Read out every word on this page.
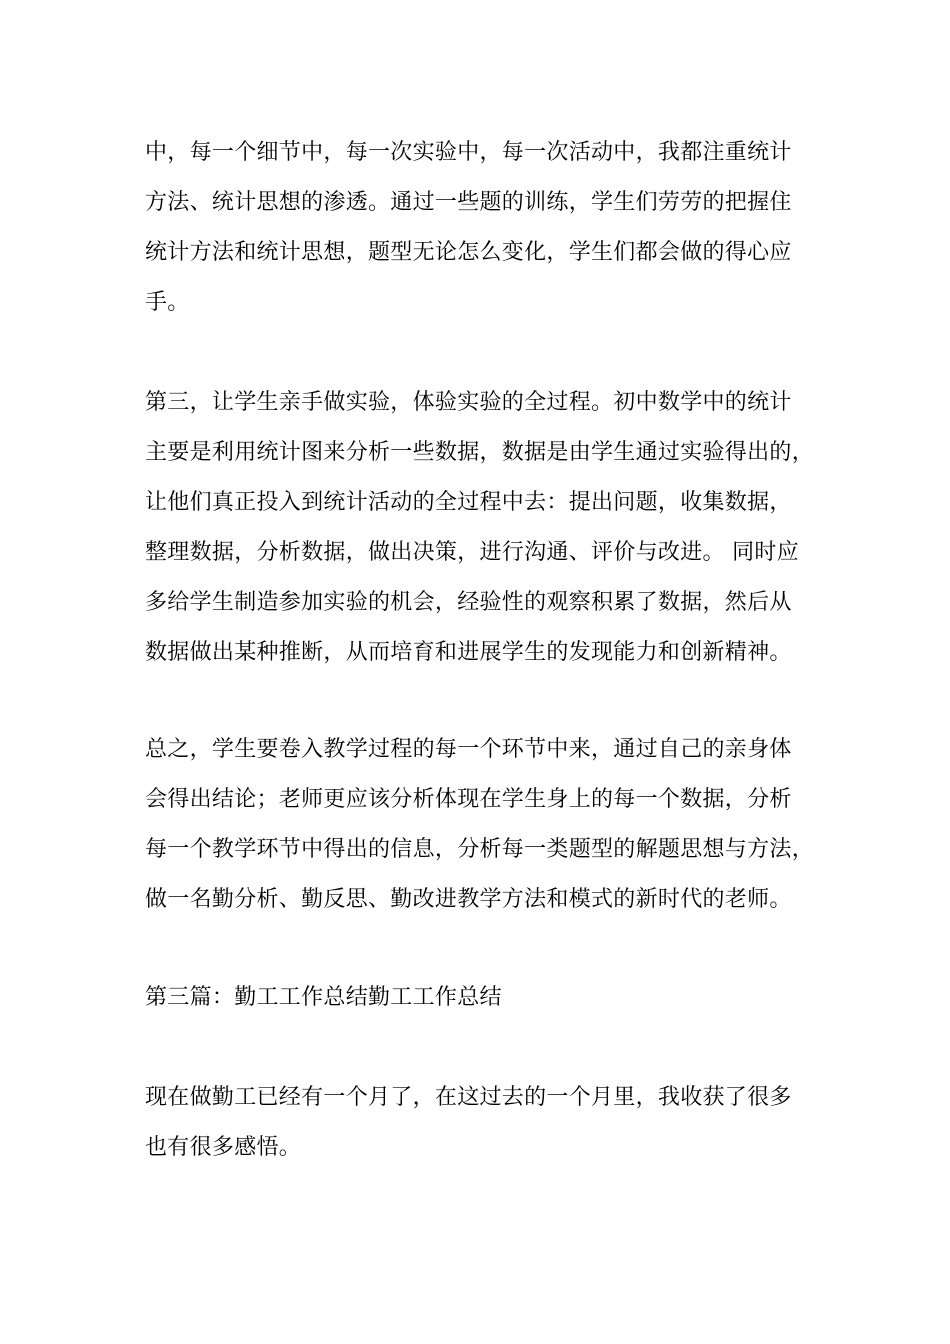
中，每一个细节中，每一次实验中，每一次活动中，我都注重统计
方法、统计思想的渗透。通过一些题的训练，学生们劳劳的把握住
统计方法和统计思想，题型无论怎么变化，学生们都会做的得心应
手。
第三，让学生亲手做实验，体验实验的全过程。初中数学中的统计
主要是利用统计图来分析一些数据，数据是由学生通过实验得出的，
让他们真正投入到统计活动的全过程中去：提出问题，收集数据，
整理数据，分析数据，做出决策，进行沟通、评价与改进。 同时应
多给学生制造参加实验的机会，经验性的观察积累了数据，然后从
数据做出某种推断，从而培育和进展学生的发现能力和创新精神。
总之，学生要卷入教学过程的每一个环节中来，通过自己的亲身体
会得出结论；老师更应该分析体现在学生身上的每一个数据，分析
每一个教学环节中得出的信息，分析每一类题型的解题思想与方法，
做一名勤分析、勤反思、勤改进教学方法和模式的新时代的老师。
第三篇：勤工工作总结勤工工作总结
现在做勤工已经有一个月了，在这过去的一个月里，我收获了很多
也有很多感悟。
